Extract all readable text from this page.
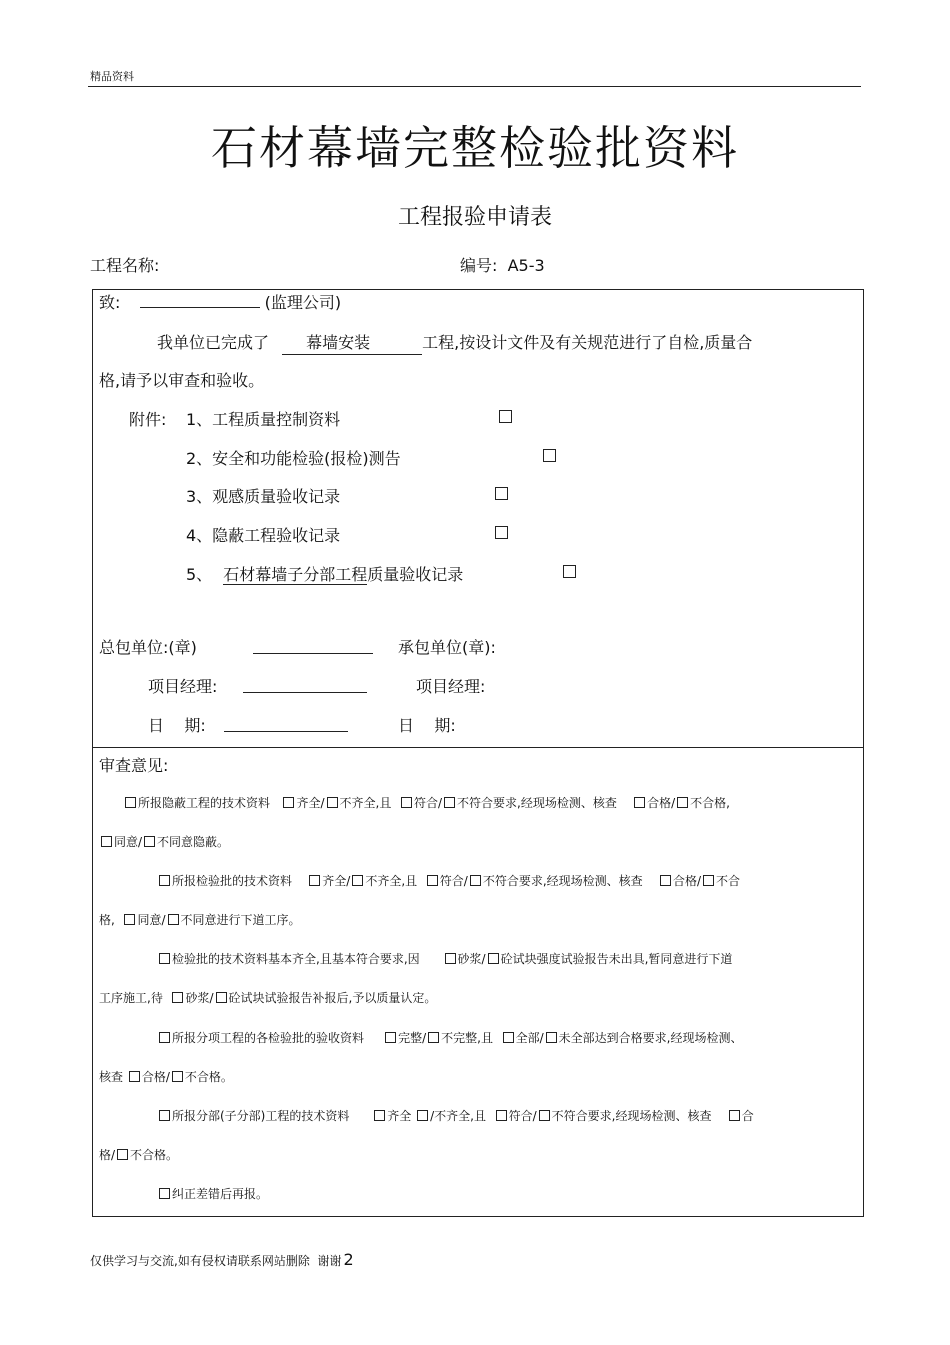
精品资料
石材幕墙完整检验批资料
工程报验申请表
工程名称:	编号: A5-3
致:	(监理公司)
我单位已完成了 幕墙安装	工程,按设计文件及有关规范进行了自检,质量合
格,请予以审查和验收。
附件: 1、工程质量控制资料
2、安全和功能检验(报检)测告
3、观感质量验收记录
4、隐蔽工程验收记录
5、 石材幕墙子分部工程质量验收记录
总包单位:(章)	承包单位(章):
项目经理:	项目经理:
日    期:	日    期:
审查意见:
所报隐蔽工程的技术资料 齐全/ 不齐全,且 符合/ 不符合要求,经现场检测、核查	合格/ 不合格,
同意/ 不同意隐蔽。
所报检验批的技术资料	齐全/ 不齐全,且 符合/ 不符合要求,经现场检测、核查	合格/ 不合
格, 同意/ 不同意进行下道工序。
检验批的技术资料基本齐全,且基本符合要求,因	砂浆/ 砼试块强度试验报告未出具,暂同意进行下道
工序施工,待 砂浆/ 砼试块试验报告补报后,予以质量认定。
所报分项工程的各检验批的验收资料	完整/ 不完整,且 全部/ 未全部达到合格要求,经现场检测、
核查 合格/ 不合格。
所报分部(子分部)工程的技术资料	齐全 /不齐全,且 符合/ 不符合要求,经现场检测、核查	合
格/ 不合格。
纠正差错后再报。
仅供学习与交流,如有侵权请联系网站删除  谢谢 2
